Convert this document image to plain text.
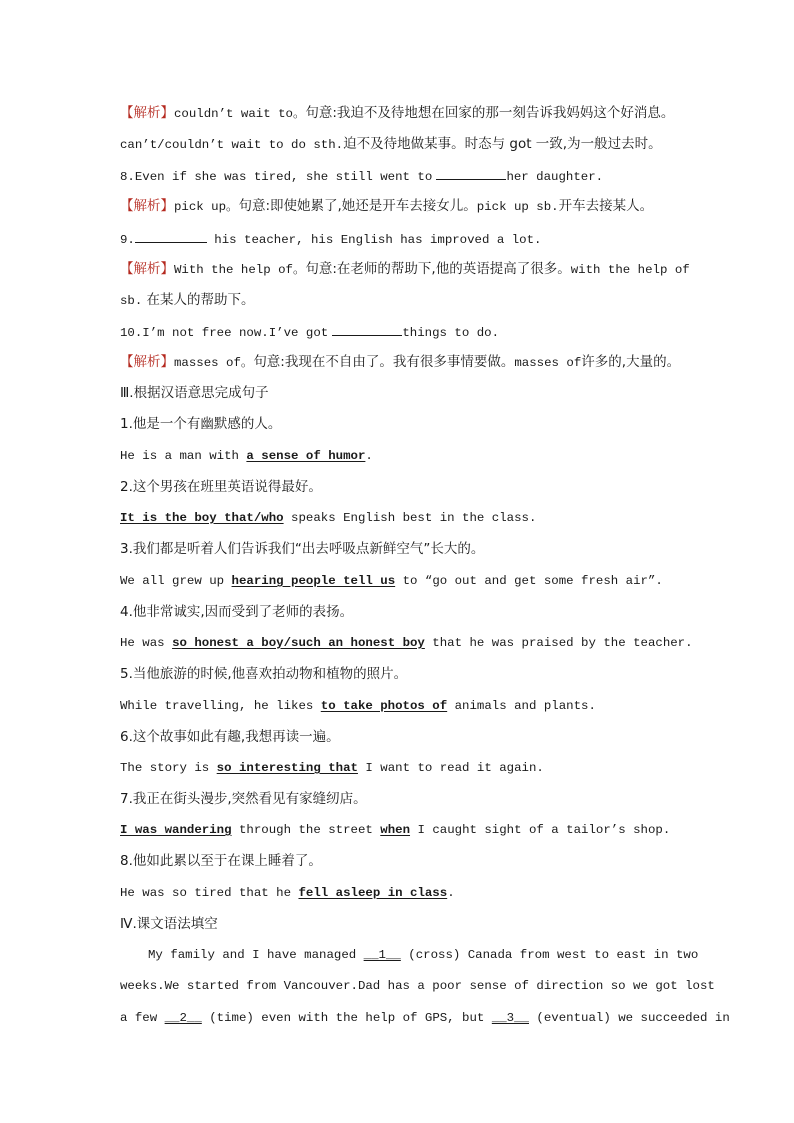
【解析】couldn’t wait to。句意:我迫不及待地想在回家的那一刻告诉我妈妈这个好消息。
can’t/couldn’t wait to do sth.迫不及待地做某事。时态与 got 一致,为一般过去时。
8.Even if she was tired, she still went to	her daughter.
【解析】pick up。句意:即使她累了,她还是开车去接女儿。pick up sb.开车去接某人。
9.	his teacher, his English has improved a lot.
【解析】With the help of。句意:在老师的帮助下,他的英语提高了很多。with the help of
sb. 在某人的帮助下。
10.I’m not free now.I’ve got	things to do.
【解析】masses of。句意:我现在不自由了。我有很多事情要做。masses of许多的,大量的。
Ⅲ.根据汉语意思完成句子
1.他是一个有幽默感的人。
He is a man with a sense of humor.
2.这个男孩在班里英语说得最好。
It is the boy that/who speaks English best in the class.
3.我们都是听着人们告诉我们“出去呼吸点新鲜空气”长大的。
We all grew up hearing people tell us to “go out and get some fresh air”.
4.他非常诚实,因而受到了老师的表扬。
He was so honest a boy/such an honest boy that he was praised by the teacher.
5.当他旅游的时候,他喜欢拍动物和植物的照片。
While travelling, he likes to take photos of animals and plants.
6.这个故事如此有趣,我想再读一遍。
The story is so interesting that I want to read it again.
7.我正在街头漫步,突然看见有家缝纫店。
I was wandering through the street when I caught sight of a tailor’s shop.
8.他如此累以至于在课上睡着了。
He was so tired that he fell asleep in class.
Ⅳ.课文语法填空
My family and I have managed __1__ (cross) Canada from west to east in two
weeks.We started from Vancouver.Dad has a poor sense of direction so we got lost
a few __2__ (time) even with the help of GPS, but __3__ (eventual) we succeeded in
